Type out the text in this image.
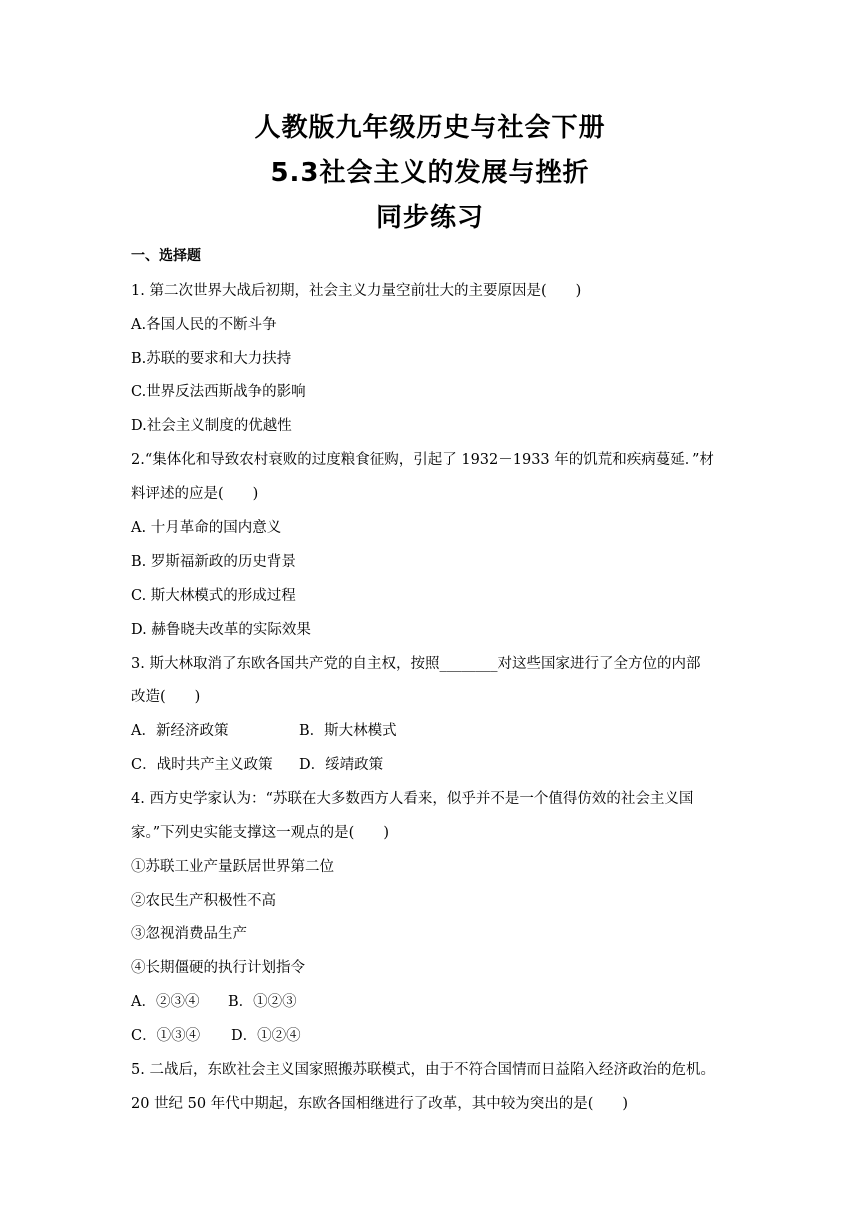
人教版九年级历史与社会下册
5.3社会主义的发展与挫折
同步练习
一、选择题
1. 第二次世界大战后初期，社会主义力量空前壮大的主要原因是(　　)
A.各国人民的不断斗争
B.苏联的要求和大力扶持
C.世界反法西斯战争的影响
D.社会主义制度的优越性
2.“集体化和导致农村衰败的过度粮食征购，引起了 1932－1933 年的饥荒和疾病蔓延．”材
料评述的应是(　　)
A. 十月革命的国内意义
B. 罗斯福新政的历史背景
C. 斯大林模式的形成过程
D. 赫鲁晓夫改革的实际效果
3. 斯大林取消了东欧各国共产党的自主权，按照________对这些国家进行了全方位的内部
改造(　　)
A．新经济政策	B．斯大林模式
C．战时共产主义政策 D．绥靖政策
4. 西方史学家认为：“苏联在大多数西方人看来，似乎并不是一个值得仿效的社会主义国
家。”下列史实能支撑这一观点的是(　　)
①苏联工业产量跃居世界第二位
②农民生产积极性不高
③忽视消费品生产
④长期僵硬的执行计划指令
A．②③④ B．①②③
C．①③④ D．①②④
5. 二战后，东欧社会主义国家照搬苏联模式，由于不符合国情而日益陷入经济政治的危机。
20 世纪 50 年代中期起，东欧各国相继进行了改革，其中较为突出的是(　　)
